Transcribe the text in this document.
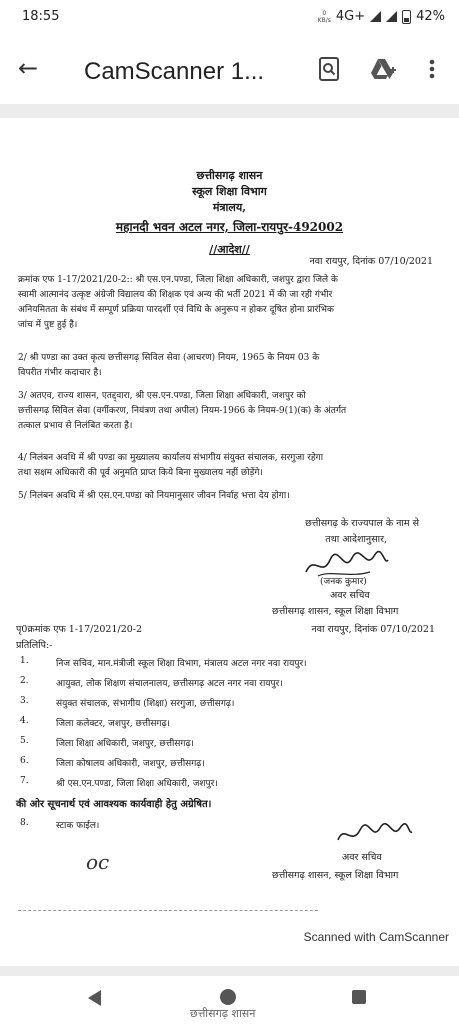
18:55	0
KB/s 4G+	42%
← CamScanner 1...
छत्तीसगढ़ शासन
स्कूल शिक्षा विभाग
मंत्रालय,
महानदी भवन अटल नगर, जिला-रायपुर-492002
//आदेश//
नवा रायपुर, दिनांक 07/10/2021
क्रमांक एफ 1-17/2021/20-2:: श्री एस.एन.पण्डा, जिला शिक्षा अधिकारी, जशपुर द्वारा जिले के
स्वामी आत्मानंद उत्कृष्ट अंग्रेजी विद्यालय की शिक्षक एवं अन्य की भर्ती 2021 में की जा रही गंभीर
अनियमितता के संबंध में सम्पूर्ण प्रक्रिया पारदर्शी एवं विधि के अनुरूप न होकर दूषित होना प्रारंभिक
जांच में पुष्ट हुई है।
2/ श्री पण्डा का उक्त कृत्य छत्तीसगढ़ सिविल सेवा (आचरण) नियम, 1965 के नियम 03 के
विपरीत गंभीर कदाचार है।
3/ अतएव, राज्य शासन, एतद्द्वारा, श्री एस.एन.पण्डा, जिला शिक्षा अधिकारी, जशपुर को
छत्तीसगढ़ सिविल सेवा (वर्गीकरण, नियंत्रण तथा अपील) नियम-1966 के नियम-9(1)(क) के अंतर्गत
तत्काल प्रभाव से निलंबित करता है।
4/ निलंबन अवधि में श्री पण्डा का मुख्यालय कार्यालय संभागीय संयुक्त संचालक, सरगुजा रहेगा
तथा सक्षम अधिकारी की पूर्व अनुमति प्राप्त किये बिना मुख्यालय नहीं छोड़ेंगे।
5/ निलंबन अवधि में श्री एस.एन.पण्डा को नियमानुसार जीवन निर्वाह भत्ता देय होगा।
छत्तीसगढ़ के राज्यपाल के नाम से
तथा आदेशानुसार,
(जनक कुमार)
अवर सचिव
छत्तीसगढ़ शासन, स्कूल शिक्षा विभाग
पृ0क्रमांक एफ 1-17/2021/20-2	नवा रायपुर, दिनांक 07/10/2021
प्रतिलिपि:-
1.	निज सचिव, मान.मंत्रीजी स्कूल शिक्षा विभाग, मंत्रालय अटल नगर नवा रायपुर।
2.	आयुक्त, लोक शिक्षण संचालनालय, छत्तीसगढ़ अटल नगर नवा रायपुर।
3.	संयुक्त संचालक, संभागीय (शिक्षा) सरगुजा, छत्तीसगढ़।
4.	जिला कलेक्टर, जशपुर, छत्तीसगढ़।
5.	जिला शिक्षा अधिकारी, जशपुर, छत्तीसगढ़।
6.	जिला कोषालय अधिकारी, जशपुर, छत्तीसगढ़।
7.	श्री एस.एन.पण्डा, जिला शिक्षा अधिकारी, जशपुर।
की ओर सूचनार्थ एवं आवश्यक कार्यवाही हेतु अग्रेषित।
8.	स्टाक फाईल।
अवर सचिव
oc
छत्तीसगढ़ शासन, स्कूल शिक्षा विभाग
Scanned with CamScanner
छत्तीसगढ़ शासन
